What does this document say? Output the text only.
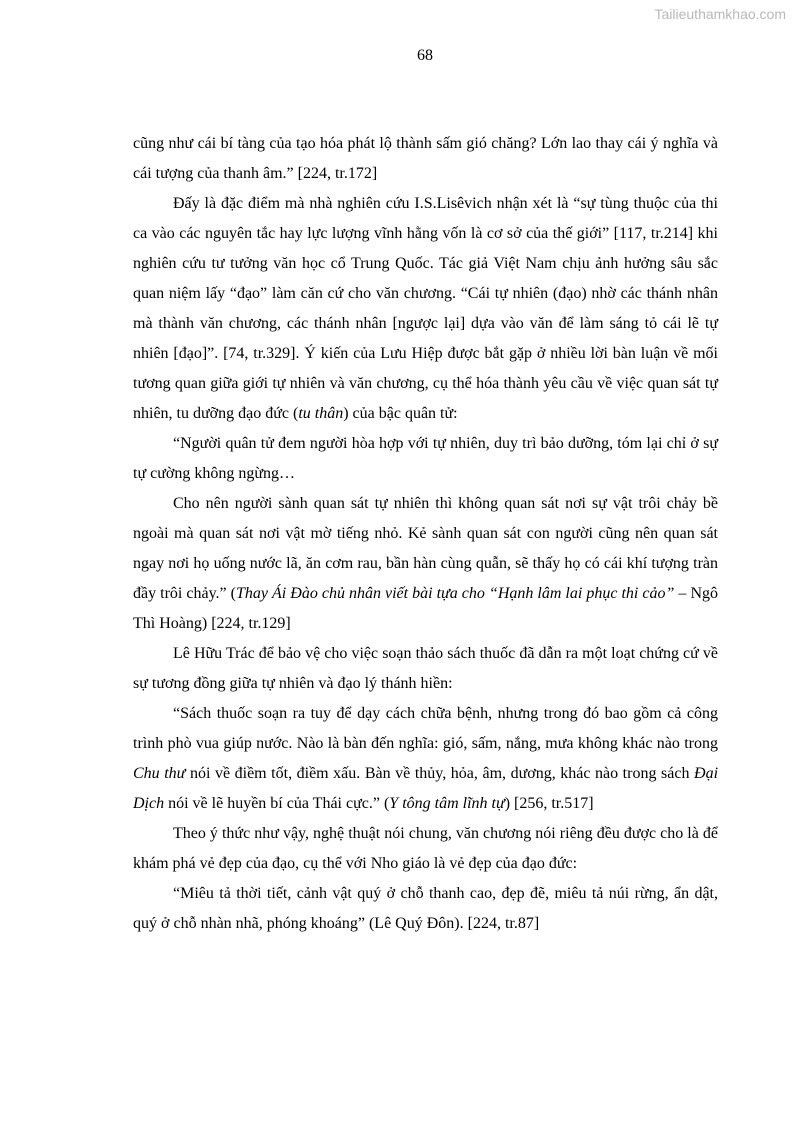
Tailieuthamkhao.com
68

cũng như cái bí tàng của tạo hóa phát lộ thành sấm gió chăng? Lớn lao thay cái ý nghĩa và cái tượng của thanh âm.” [224, tr.172]

Đấy là đặc điểm mà nhà nghiên cứu I.S.Lisêvich nhận xét là “sự tùng thuộc của thi ca vào các nguyên tắc hay lực lượng vĩnh hằng vốn là cơ sở của thế giới” [117, tr.214] khi nghiên cứu tư tưởng văn học cổ Trung Quốc. Tác giả Việt Nam chịu ảnh hưởng sâu sắc quan niệm lấy “đạo” làm căn cứ cho văn chương. “Cái tự nhiên (đạo) nhờ các thánh nhân mà thành văn chương, các thánh nhân [ngược lại] dựa vào văn để làm sáng tỏ cái lẽ tự nhiên [đạo]”. [74, tr.329]. Ý kiến của Lưu Hiệp được bắt gặp ở nhiều lời bàn luận về mối tương quan giữa giới tự nhiên và văn chương, cụ thể hóa thành yêu cầu về việc quan sát tự nhiên, tu dưỡng đạo đức (tu thân) của bậc quân tử:

“Người quân tử đem người hòa hợp với tự nhiên, duy trì bảo dưỡng, tóm lại chỉ ở sự tự cường không ngừng…

Cho nên người sành quan sát tự nhiên thì không quan sát nơi sự vật trôi chảy bề ngoài mà quan sát nơi vật mờ tiếng nhỏ. Kẻ sành quan sát con người cũng nên quan sát ngay nơi họ uống nước lã, ăn cơm rau, bần hàn cùng quẫn, sẽ thấy họ có cái khí tượng tràn đầy trôi chảy.” (Thay Ái Đào chủ nhân viết bài tựa cho “Hạnh lâm lai phục thi cảo” – Ngô Thì Hoàng) [224, tr.129]

Lê Hữu Trác để bảo vệ cho việc soạn thảo sách thuốc đã dẫn ra một loạt chứng cứ về sự tương đồng giữa tự nhiên và đạo lý thánh hiền:

“Sách thuốc soạn ra tuy để dạy cách chữa bệnh, nhưng trong đó bao gồm cả công trình phò vua giúp nước. Nào là bàn đến nghĩa: gió, sấm, nắng, mưa không khác nào trong Chu thư nói về điềm tốt, điềm xấu. Bàn về thủy, hỏa, âm, dương, khác nào trong sách Đại Dịch nói về lẽ huyền bí của Thái cực.” (Y tông tâm lĩnh tự) [256, tr.517]

Theo ý thức như vậy, nghệ thuật nói chung, văn chương nói riêng đều được cho là để khám phá vẻ đẹp của đạo, cụ thể với Nho giáo là vẻ đẹp của đạo đức:

“Miêu tả thời tiết, cảnh vật quý ở chỗ thanh cao, đẹp đẽ, miêu tả núi rừng, ẩn dật, quý ở chỗ nhàn nhã, phóng khoáng” (Lê Quý Đôn). [224, tr.87]
